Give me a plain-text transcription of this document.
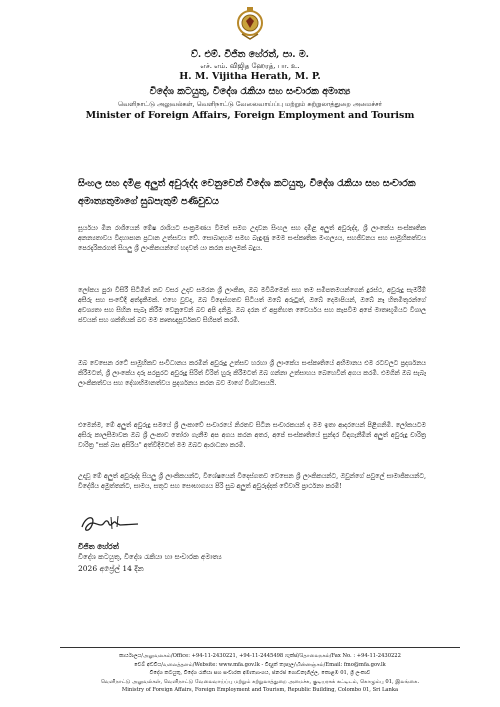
ව්. එම්. විජිත හේරත්, පා. ම.
எச். எம். விஜித ஹேரத், பா. உ.
H. M. Vijitha Herath, M. P.
විදේශ කටයුතු, විදේශ රැකියා සහ සංචාරක අමාත්‍ය
வெளிநாட்டு அலுவல்கள், வெளிநாட்டு வேலைவாய்ப்பு மற்றும் சுற்றுலாத்துறை அமைச்சர்
Minister of Foreign Affairs, Foreign Employment and Tourism
සිංහල සහ දමිළ අලුත් අවුරුද්ද වෙනුවෙන් විදේශ කටයුතු, විදේශ රැකියා සහ සංචාරක අමාත්‍යතුමාගේ සුබපැතුම් පණිවුඩය
සූර්යයා මීන රාශියෙන් මේෂ රාශියට සංක්‍රමණය වීමත් සමග උදාවන සිංහල සහ දමිළ අලුත් අවුරුද්ද, ශ්‍රී ලාංකේය සංස්කෘතික අනන්‍යතාවය විදහාපාන ප්‍රධාන උත්සවය වේ. සොබාදහම සමඟ බැඳුණු මෙම සංස්කෘතික මංගල්‍යය, සහජීවනය සහ සාමූහිකත්වය පෙරදැරිකරගත් සියලු ශ්‍රී ලාංකිකයන්ගේ හදවත් යා කරන පාලමක් බදුය.
ලෝකය පුරා විසිරී සිටිමින් නව වසර උදාව සමරන ශ්‍රී ලාංකික, ඔබ මවිබිමෙන් සහ තම සමීපතමයන්ගෙන් දුරස්ථ, අවුරුදු සැමරීම් අසීරු සහ සංවේදී අත්දැකීමක්. එහෙ වුවද, ඔබ විදෙස්ගතව සිටියත් ඔබේ අරුටුත්, ඔබේ දෙමාපියන්, ඔබේ නෑ හිතමිතුරන්ගේ අවශ්‍යතා සහ සිහින සැබෑ කිරීම වෙනුවෙන් බව අපි දනිමු. ඔබ දරන ඒ අප්‍රතිහත වෛර්යය සහ කැපවීම අපේ මාතෘභූමියට විශාල ජවයක් සහ ශක්තියක් බව මම කෘතඥපූර්වකව සිහිපත් කරමි.
ඔබ වෙසෙන රටේ සාමූහිකව සංවිධානය කරමින් අවුරුදු උත්සව හරහා ශ්‍රී ලාංකේය සංස්කෘතියේ අභිමානය එම රටවලට ප්‍රදර්ශනය කිරීමටත්, ශ්‍රී ලාංකේය දරු පරපුරට අවුරුදු සිරිත් විරිත් හුරු කිරීමටත් ඔබ ගන්නා උත්සාහය බෙහෙවින් අගය කරමි. එමගින් ඔබ සැබෑ ලාංකිකත්වය සහ දේශාභිමානත්වය ප්‍රදර්ශනය කරන බව මාගේ විශ්වාසයයි.
එමෙන්ම, මේ අලුත් අවුරුදු සමයේ ශ්‍රී ලංකාවේ සංචාරයේ නිරතව සිටින සංචාරකයන් ද මම ඉතා ආදරයෙන් පිළිගනිමි. ලෝකයටම අසිරු කාලසීමාවක ඔබ ශ්‍රී ලංකාව තෝරා ගැනීම අප අගය කරන අතර, අපේ සංස්කෘතියේ සුන්දර විඳගැනීමින් අලුත් අවුරුදු චාරිත්‍ර වාරිත්‍ර "සක් බස අසිරිය" අත්විදීමටත් මම ඔබට ආරාධනා කරමි.
උදාවූ මේ අලුත් අවුරුද්ද සියලු ශ්‍රී ලාංකිකයන්ට, විශේෂයෙන් විදෙස්ගතව වෙසෙන ශ්‍රී ලාංකිකයන්ට, ඔවුන්ගේ පවුලේ සාමාජිකයන්ට, විදේශීය අමුත්තන්ට, සාමය, සතුට සහ සෞභාග්‍යය පිරි සුබ අලුත් අවුරුද්දක් වේවායි ප්‍රාර්ථනා කරමි!
විජිත හේරත්
විදේශ කටයුතු, විදේශ රැකියා හා සංචාරක අමාත්‍ය
2026 අප්‍රේල් 14 දින
කාර්යාලය/அலுவலகம்/Office: +94-11-2430221, +94-11-2445498 ෆැක්ස්/தொலைநகல்/Fax No. : +94-11-2430222
වෙබ් අඩවිය/வலைத்தளம்/Website: www.mfa.gov.lk - විද්‍යුත් තැපෑල/மின்னஞ்சல்/Email: fmo@mfa.gov.lk
විදේශ කටයුතු, විදේශ රැකියා සහ සංචාරක අමාත්‍යාංශය, ජනරජ ගොඩනැගිල්ල, කොළඹ 01, ශ්‍රී ලංකාව
வெளிநாட்டு அலுவல்கள், வெளிநாட்டு வேலைவாய்ப்பு மற்றும் சுற்றுலாத்துறை அமைச்சு, குடியரசுக் கட்டிடம், கொழும்பு 01, இலங்கை.
Ministry of Foreign Affairs, Foreign Employment and Tourism, Republic Building, Colombo 01, Sri Lanka
